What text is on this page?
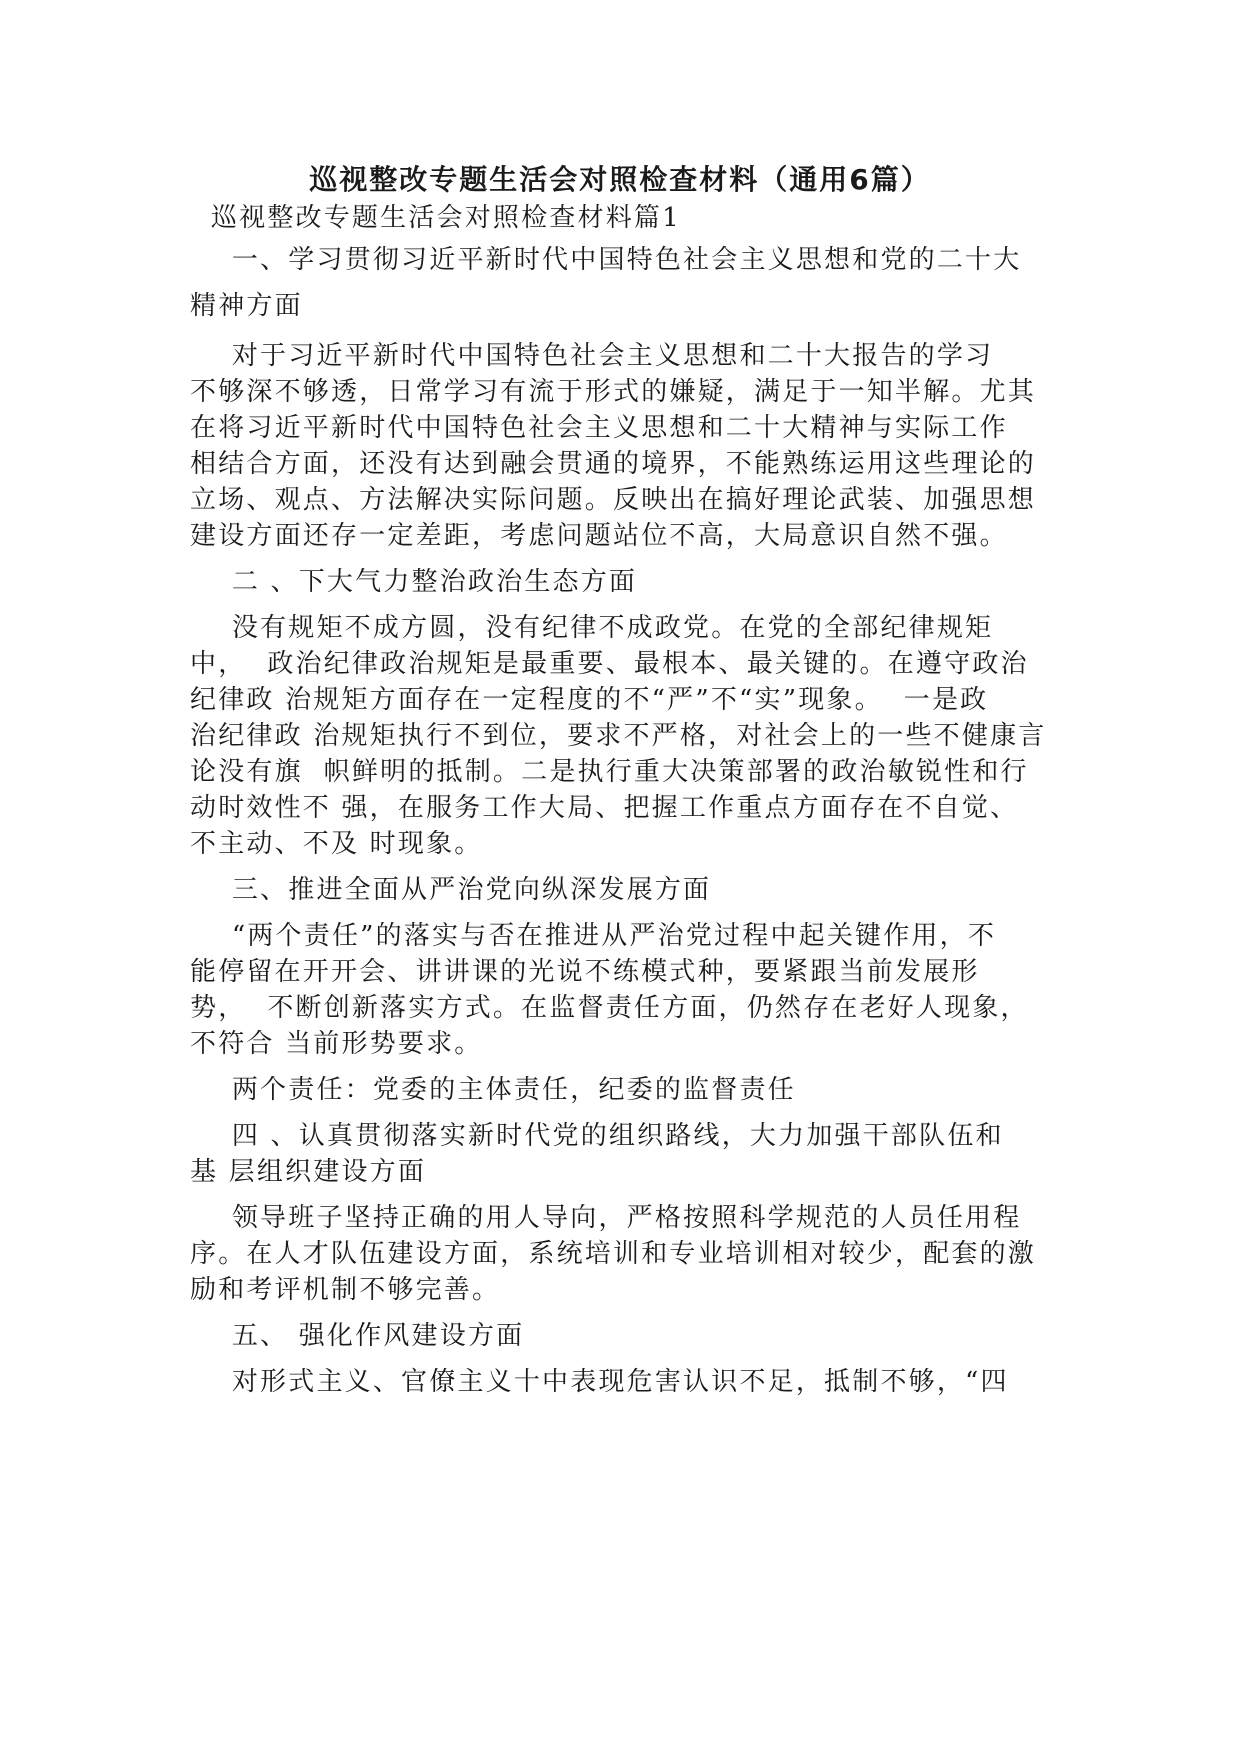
巡视整改专题生活会对照检查材料（通用6篇）

巡视整改专题生活会对照检查材料篇1

一、学习贯彻习近平新时代中国特色社会主义思想和党的二十大

精神方面

对于习近平新时代中国特色社会主义思想和二十大报告的学习

不够深不够透，日常学习有流于形式的嫌疑，满足于一知半解。尤其

在将习近平新时代中国特色社会主义思想和二十大精神与实际工作

相结合方面，还没有达到融会贯通的境界，不能熟练运用这些理论的

立场、观点、方法解决实际问题。反映出在搞好理论武装、加强思想

建设方面还存一定差距，考虑问题站位不高，大局意识自然不强。

二 、下大气力整治政治生态方面

没有规矩不成方圆，没有纪律不成政党。在党的全部纪律规矩

中，  政治纪律政治规矩是最重要、最根本、最关键的。在遵守政治

纪律政 治规矩方面存在一定程度的不“严”不“实”现象。  一是政

治纪律政 治规矩执行不到位，要求不严格，对社会上的一些不健康言

论没有旗  帜鲜明的抵制。二是执行重大决策部署的政治敏锐性和行

动时效性不 强，在服务工作大局、把握工作重点方面存在不自觉、

不主动、不及 时现象。

三、推进全面从严治党向纵深发展方面

“两个责任”的落实与否在推进从严治党过程中起关键作用，不

能停留在开开会、讲讲课的光说不练模式种，要紧跟当前发展形

势，  不断创新落实方式。在监督责任方面，仍然存在老好人现象，

不符合 当前形势要求。

两个责任：党委的主体责任，纪委的监督责任

四 、认真贯彻落实新时代党的组织路线，大力加强干部队伍和

基 层组织建设方面

领导班子坚持正确的用人导向，严格按照科学规范的人员任用程

序。在人才队伍建设方面，系统培训和专业培训相对较少，配套的激

励和考评机制不够完善。

五、 强化作风建设方面

对形式主义、官僚主义十中表现危害认识不足，抵制不够，“四
